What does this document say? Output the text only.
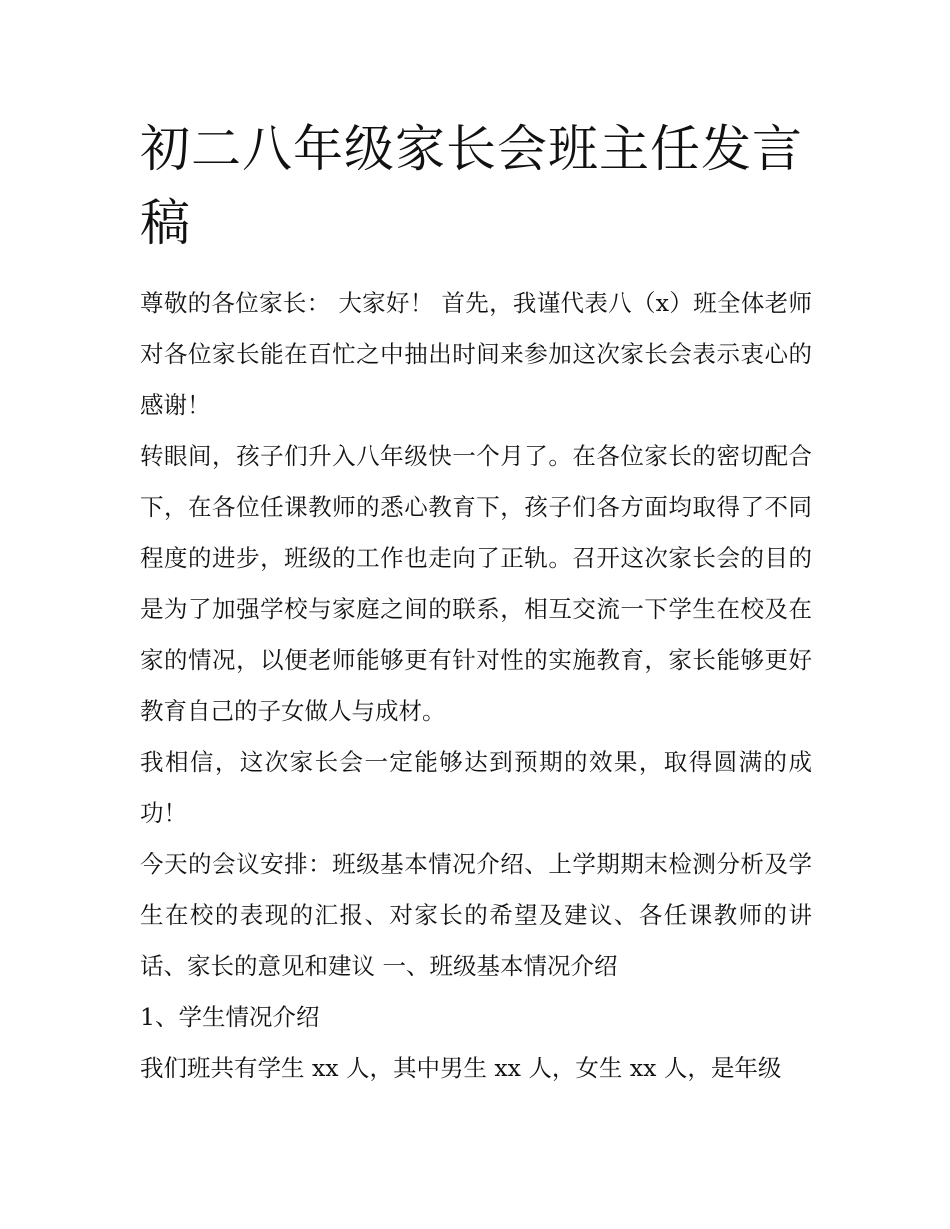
初二八年级家长会班主任发言稿

尊敬的各位家长： 大家好！ 首先，我谨代表八（x）班全体老师对各位家长能在百忙之中抽出时间来参加这次家长会表示衷心的感谢！

转眼间，孩子们升入八年级快一个月了。在各位家长的密切配合下，在各位任课教师的悉心教育下，孩子们各方面均取得了不同程度的进步，班级的工作也走向了正轨。召开这次家长会的目的是为了加强学校与家庭之间的联系，相互交流一下学生在校及在家的情况，以便老师能够更有针对性的实施教育，家长能够更好教育自己的子女做人与成材。

我相信，这次家长会一定能够达到预期的效果，取得圆满的成功！

今天的会议安排：班级基本情况介绍、上学期期末检测分析及学生在校的表现的汇报、对家长的希望及建议、各任课教师的讲话、家长的意见和建议 一、班级基本情况介绍

1、学生情况介绍

我们班共有学生 xx 人，其中男生 xx 人，女生 xx 人，是年级
